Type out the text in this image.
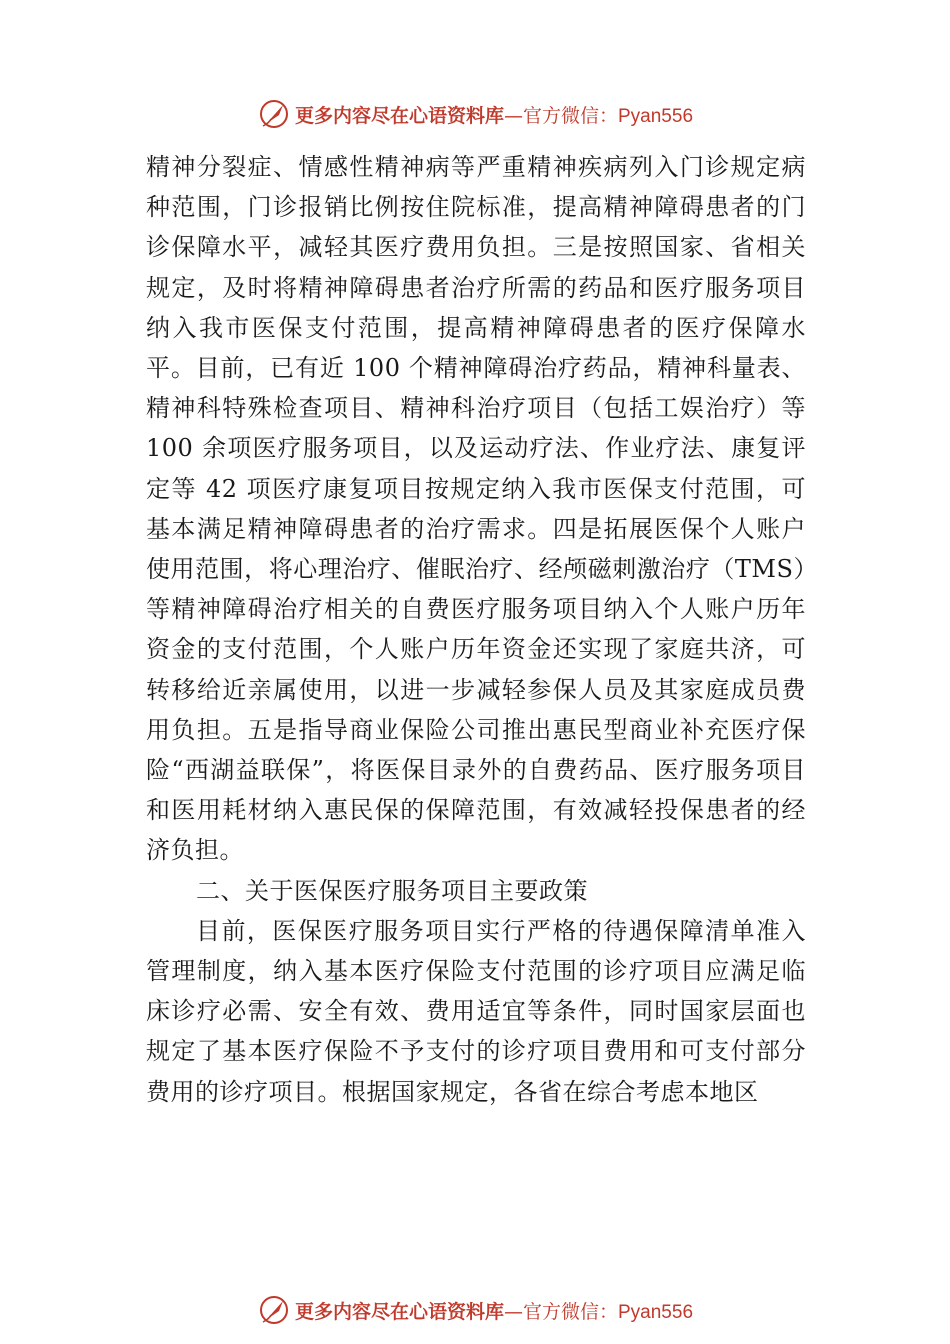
更多内容尽在心语资料库—官方微信：Pyan556

精神分裂症、情感性精神病等严重精神疾病列入门诊规定病种范围，门诊报销比例按住院标准，提高精神障碍患者的门诊保障水平，减轻其医疗费用负担。三是按照国家、省相关规定，及时将精神障碍患者治疗所需的药品和医疗服务项目纳入我市医保支付范围，提高精神障碍患者的医疗保障水平。目前，已有近 100 个精神障碍治疗药品，精神科量表、精神科特殊检查项目、精神科治疗项目（包括工娱治疗）等 100 余项医疗服务项目，以及运动疗法、作业疗法、康复评定等 42 项医疗康复项目按规定纳入我市医保支付范围，可基本满足精神障碍患者的治疗需求。四是拓展医保个人账户使用范围，将心理治疗、催眠治疗、经颅磁刺激治疗（TMS）等精神障碍治疗相关的自费医疗服务项目纳入个人账户历年资金的支付范围，个人账户历年资金还实现了家庭共济，可转移给近亲属使用，以进一步减轻参保人员及其家庭成员费用负担。五是指导商业保险公司推出惠民型商业补充医疗保险“西湖益联保”，将医保目录外的自费药品、医疗服务项目和医用耗材纳入惠民保的保障范围，有效减轻投保患者的经济负担。

二、关于医保医疗服务项目主要政策

目前，医保医疗服务项目实行严格的待遇保障清单准入管理制度，纳入基本医疗保险支付范围的诊疗项目应满足临床诊疗必需、安全有效、费用适宜等条件，同时国家层面也规定了基本医疗保险不予支付的诊疗项目费用和可支付部分费用的诊疗项目。根据国家规定，各省在综合考虑本地区

更多内容尽在心语资料库—官方微信：Pyan556
